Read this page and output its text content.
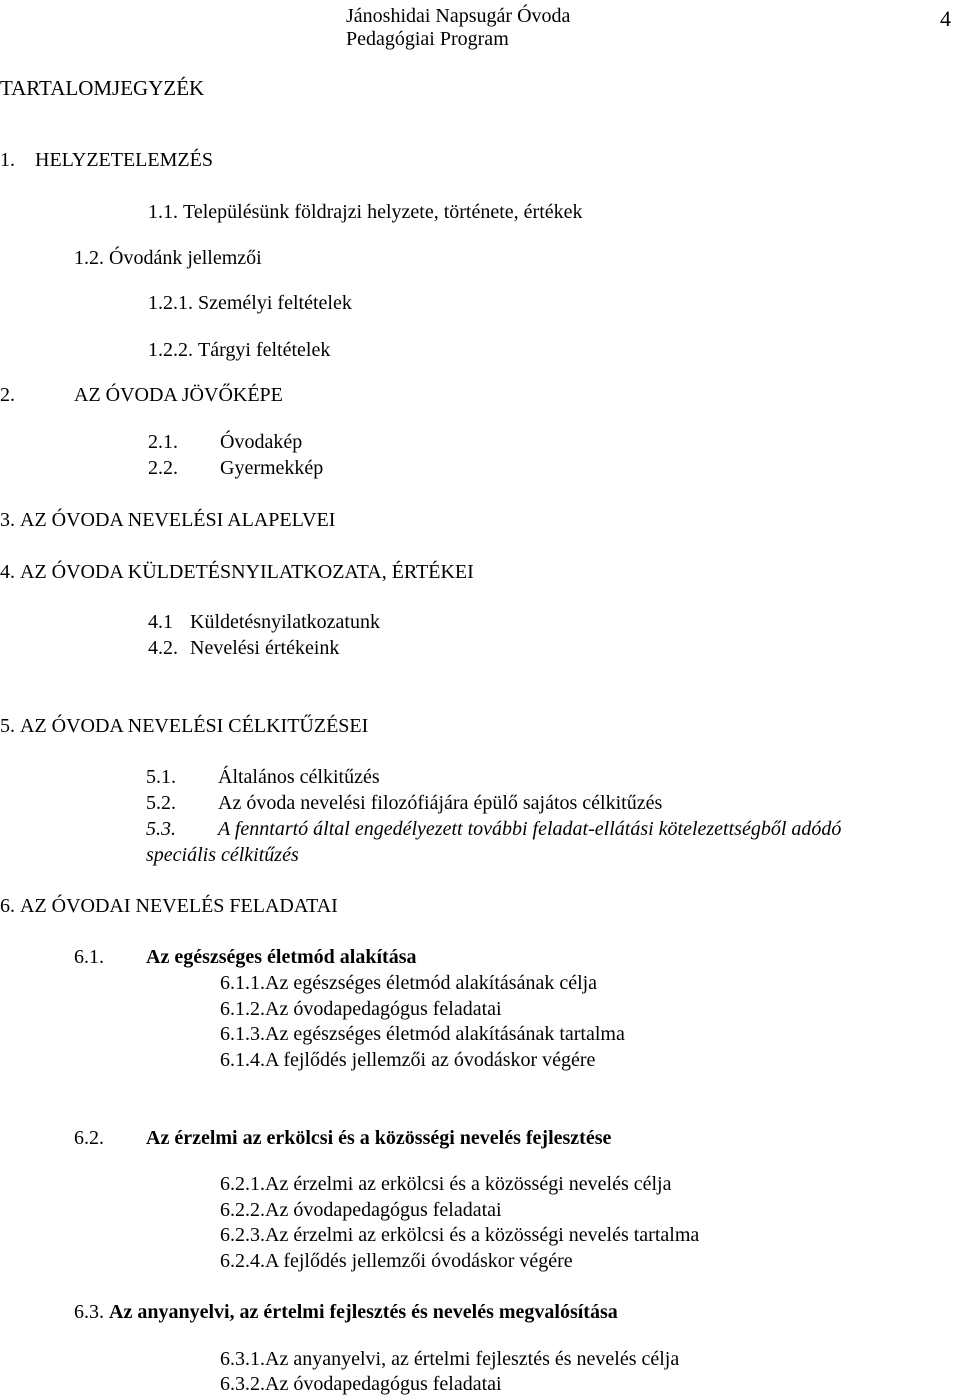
Jánoshidai Napsugár Óvoda
Pedagógiai Program
4
TARTALOMJEGYZÉK
1. HELYZETELEMZÉS
1.1. Településünk földrajzi helyzete, története, értékek
1.2. Óvodánk jellemzői
1.2.1. Személyi feltételek
1.2.2. Tárgyi feltételek
2.	AZ ÓVODA JÖVŐKÉPE
2.1. Óvodakép
2.2. Gyermekkép
3. AZ ÓVODA NEVELÉSI ALAPELVEI
4. AZ ÓVODA KÜLDETÉSNYILATKOZATA, ÉRTÉKEI
4.1 Küldetésnyilatkozatunk
4.2. Nevelési értékeink
5. AZ ÓVODA NEVELÉSI CÉLKITŰZÉSEI
5.1. Általános célkitűzés
5.2. Az óvoda nevelési filozófiájára épülő sajátos célkitűzés
5.3. A fenntartó által engedélyezett további feladat-ellátási kötelezettségből adódó
speciális célkitűzés
6. AZ ÓVODAI NEVELÉS FELADATAI
6.1. Az egészséges életmód alakítása
6.1.1.Az egészséges életmód alakításának célja
6.1.2.Az óvodapedagógus feladatai
6.1.3.Az egészséges életmód alakításának tartalma
6.1.4.A fejlődés jellemzői az óvodáskor végére
6.2. Az érzelmi az erkölcsi és a közösségi nevelés fejlesztése
6.2.1.Az érzelmi az erkölcsi és a közösségi nevelés célja
6.2.2.Az óvodapedagógus feladatai
6.2.3.Az érzelmi az erkölcsi és a közösségi nevelés tartalma
6.2.4.A fejlődés jellemzői óvodáskor végére
6.3. Az anyanyelvi, az értelmi fejlesztés és nevelés megvalósítása
6.3.1.Az anyanyelvi, az értelmi fejlesztés és nevelés célja
6.3.2.Az óvodapedagógus feladatai
